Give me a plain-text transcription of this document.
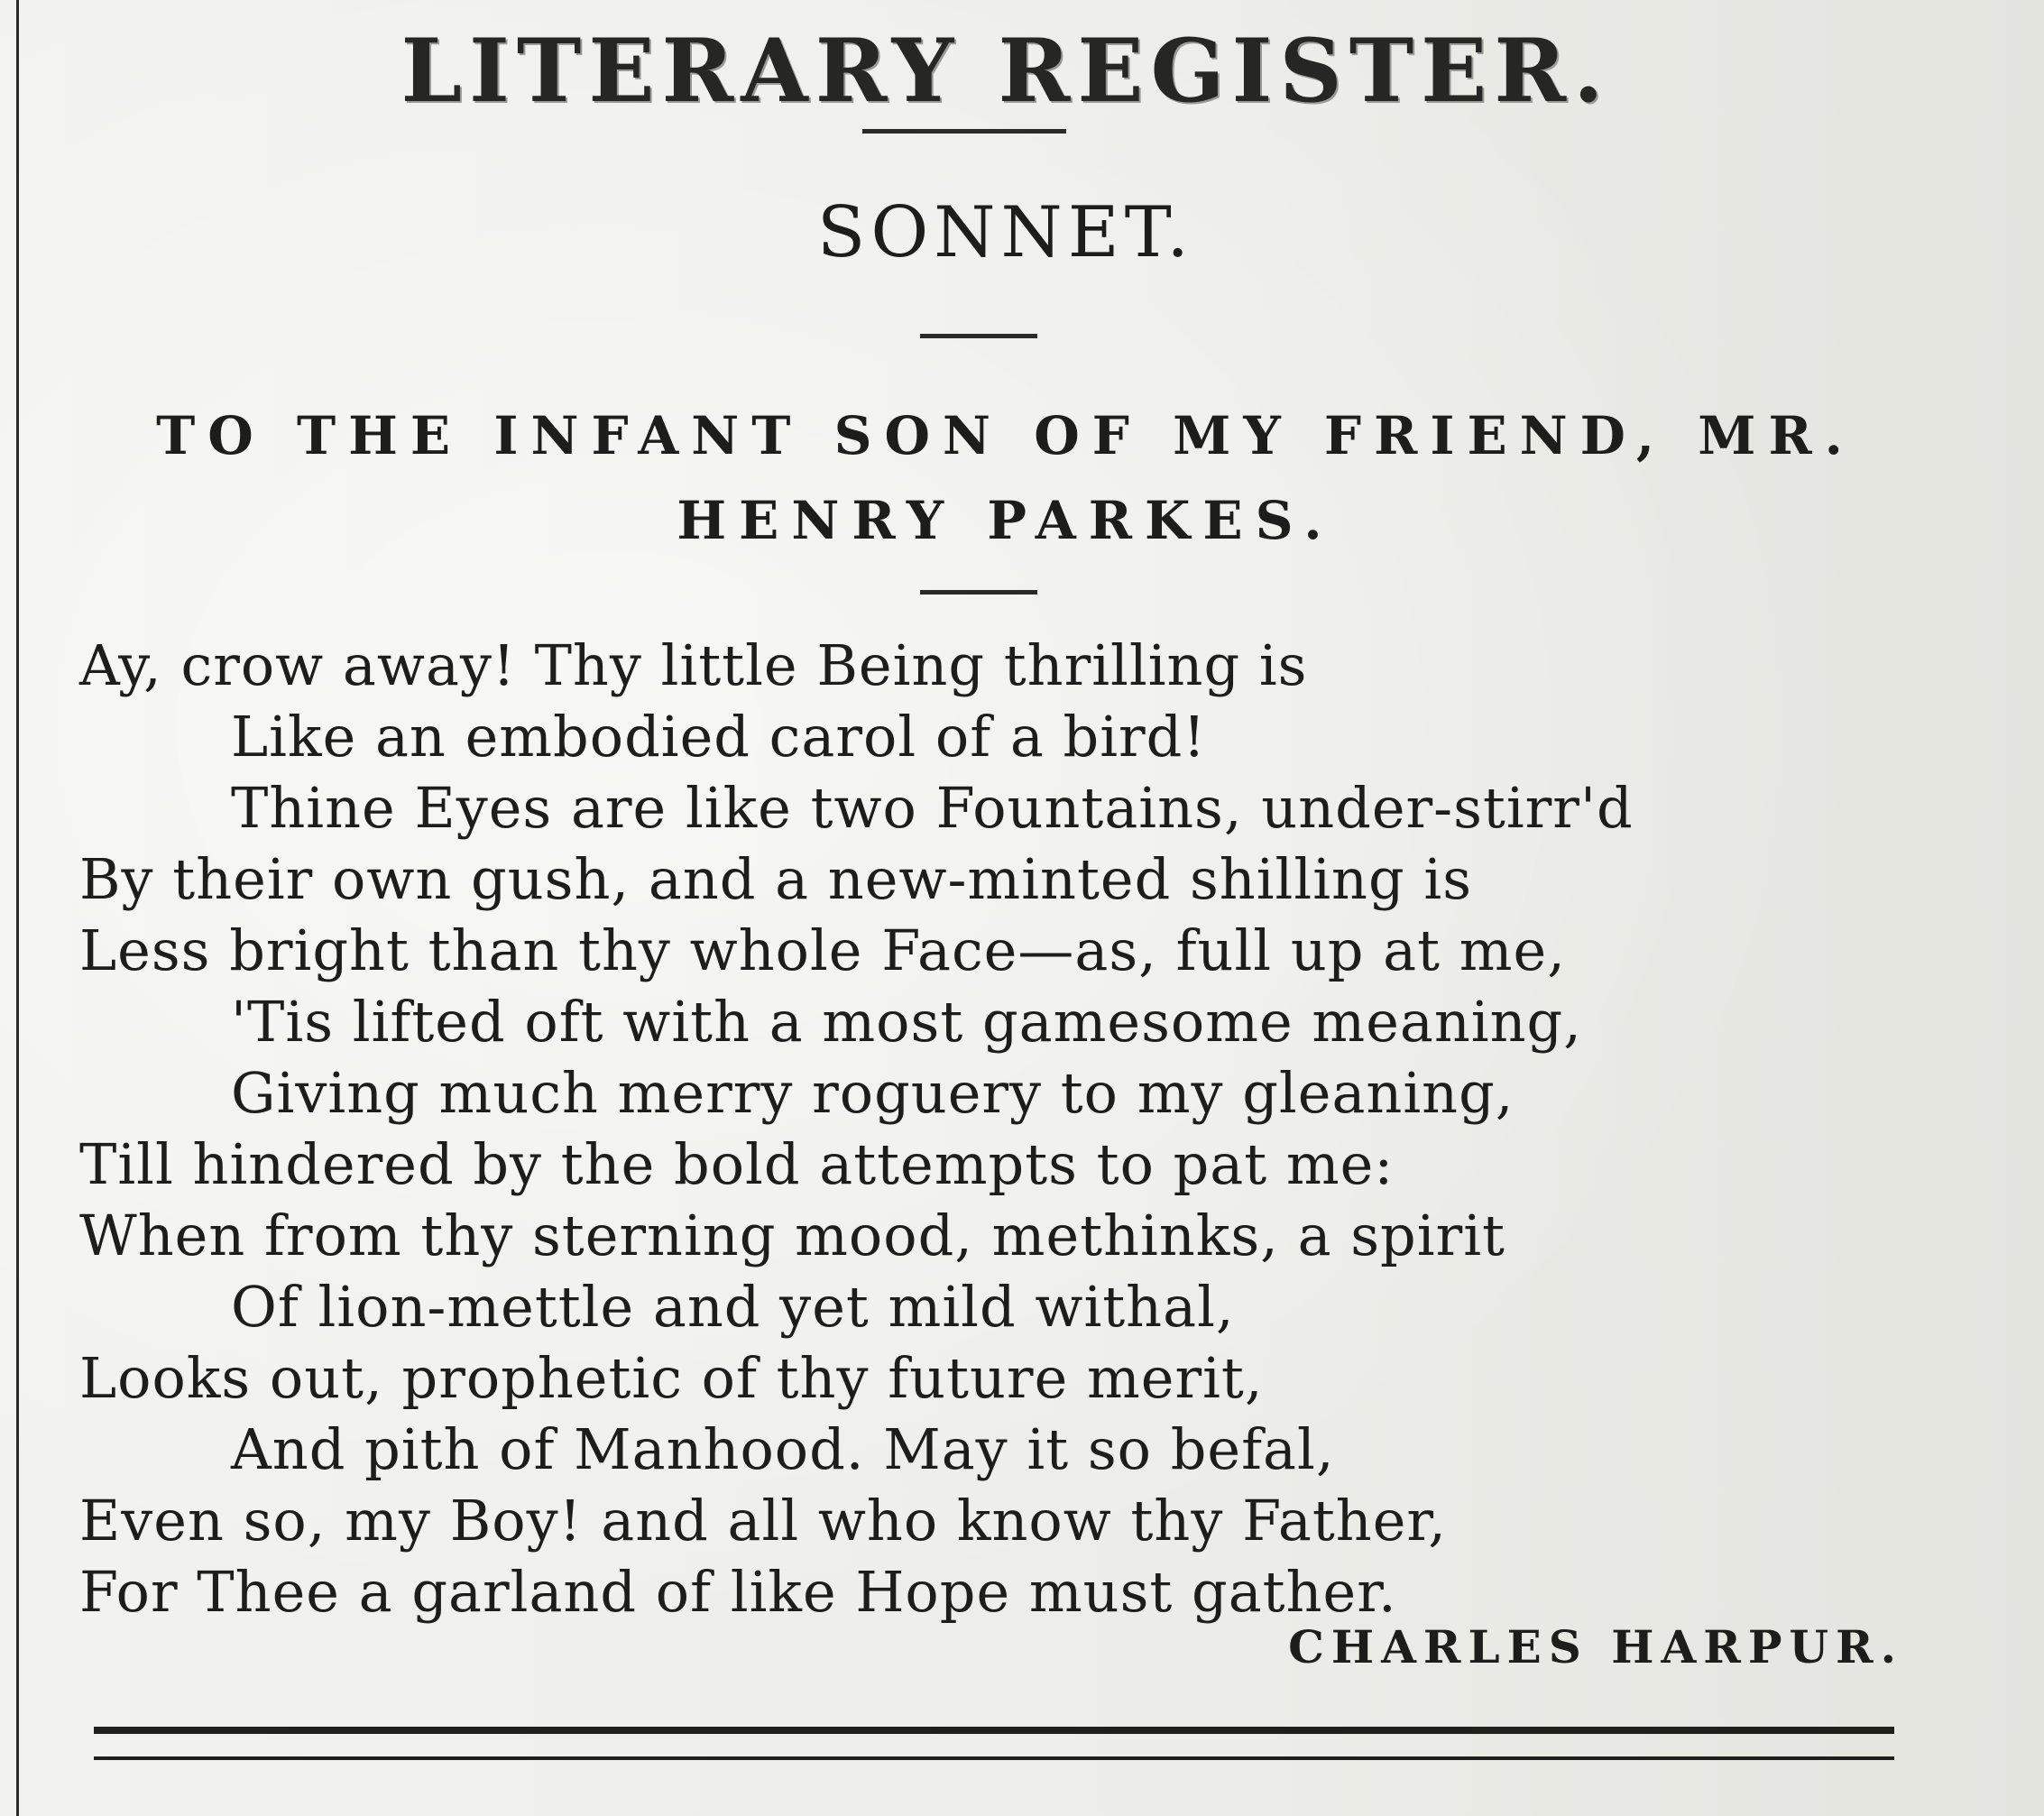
LITERARY REGISTER.
SONNET.
TO THE INFANT SON OF MY FRIEND, MR.
HENRY PARKES.
Ay, crow away! Thy little Being thrilling is
Like an embodied carol of a bird!
Thine Eyes are like two Fountains, under-stirr'd
By their own gush, and a new-minted shilling is
Less bright than thy whole Face—as, full up at me,
'Tis lifted oft with a most gamesome meaning,
Giving much merry roguery to my gleaning,
Till hindered by the bold attempts to pat me:
When from thy sterning mood, methinks, a spirit
Of lion-mettle and yet mild withal,
Looks out, prophetic of thy future merit,
And pith of Manhood. May it so befal,
Even so, my Boy! and all who know thy Father,
For Thee a garland of like Hope must gather.
CHARLES HARPUR.
